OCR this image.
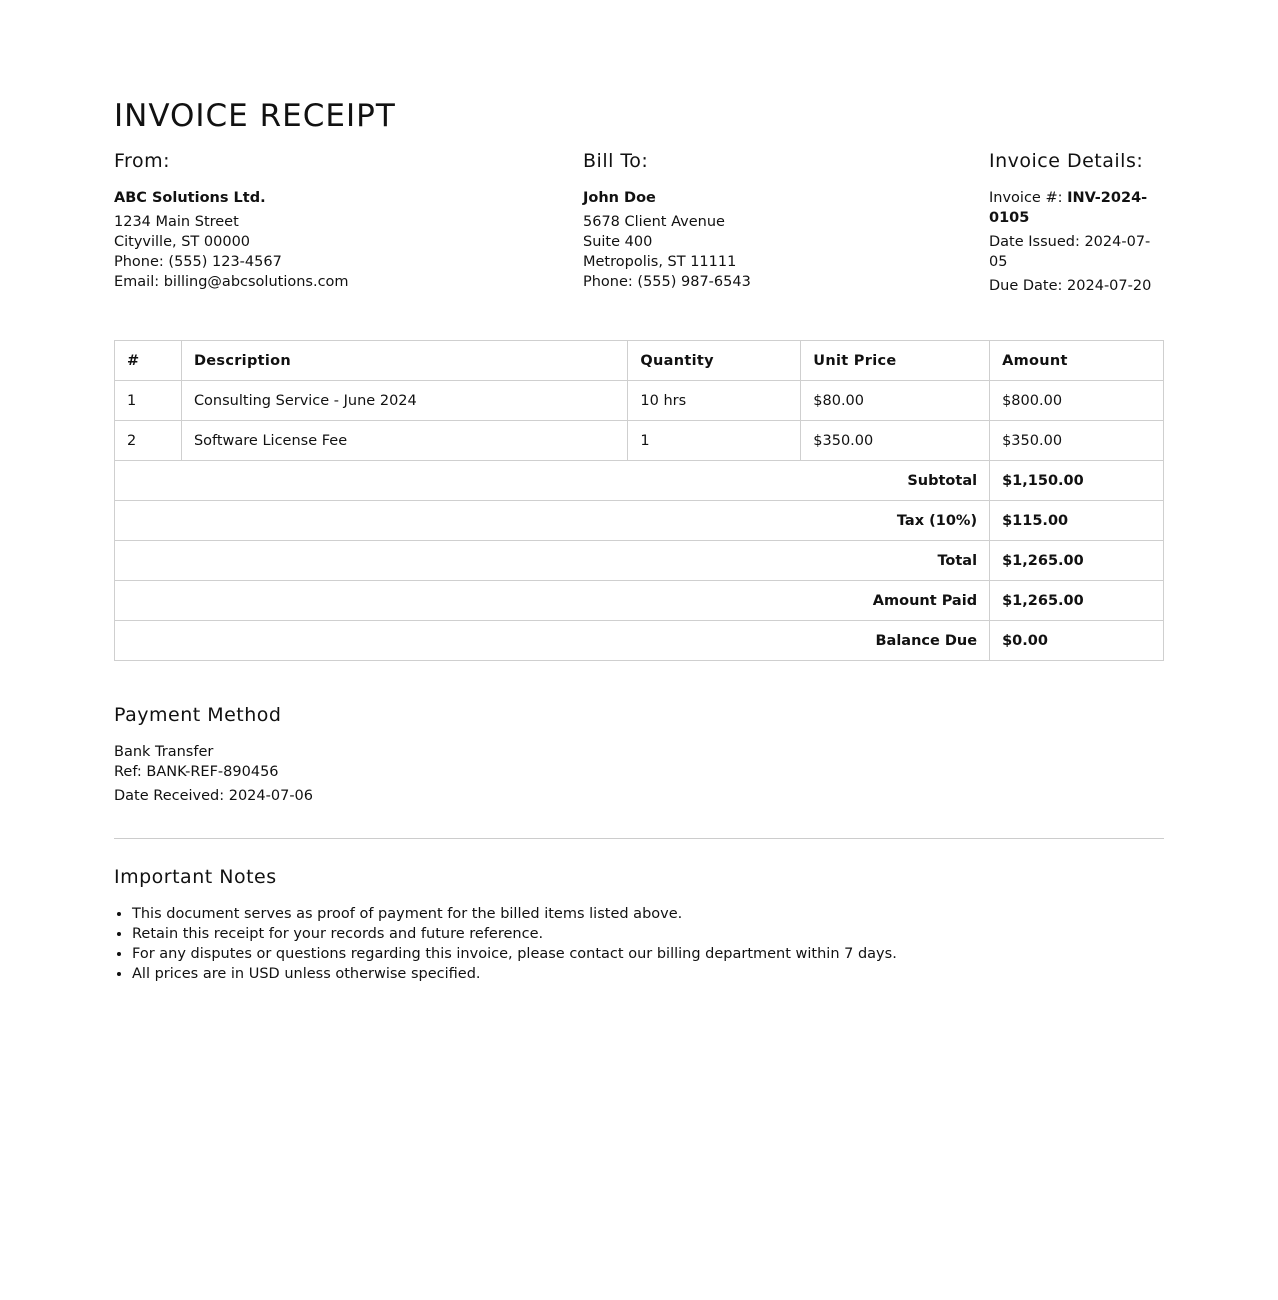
INVOICE RECEIPT
From:
ABC Solutions Ltd.
1234 Main Street
Cityville, ST 00000
Phone: (555) 123-4567
Email: billing@abcsolutions.com
Bill To:
John Doe
5678 Client Avenue
Suite 400
Metropolis, ST 11111
Phone: (555) 987-6543
Invoice Details:
Invoice #: INV-2024-0105
Date Issued: 2024-07-05
Due Date: 2024-07-20
#	Description	Quantity	Unit Price	Amount
1	Consulting Service - June 2024	10 hrs	$80.00	$800.00
2	Software License Fee	1	$350.00	$350.00
Subtotal				$1,150.00
Tax (10%)				$115.00
Total				$1,265.00
Amount Paid				$1,265.00
Balance Due				$0.00
Payment Method
Bank Transfer
Ref: BANK-REF-890456
Date Received: 2024-07-06
Important Notes
• This document serves as proof of payment for the billed items listed above.
• Retain this receipt for your records and future reference.
• For any disputes or questions regarding this invoice, please contact our billing department within 7 days.
• All prices are in USD unless otherwise specified.
